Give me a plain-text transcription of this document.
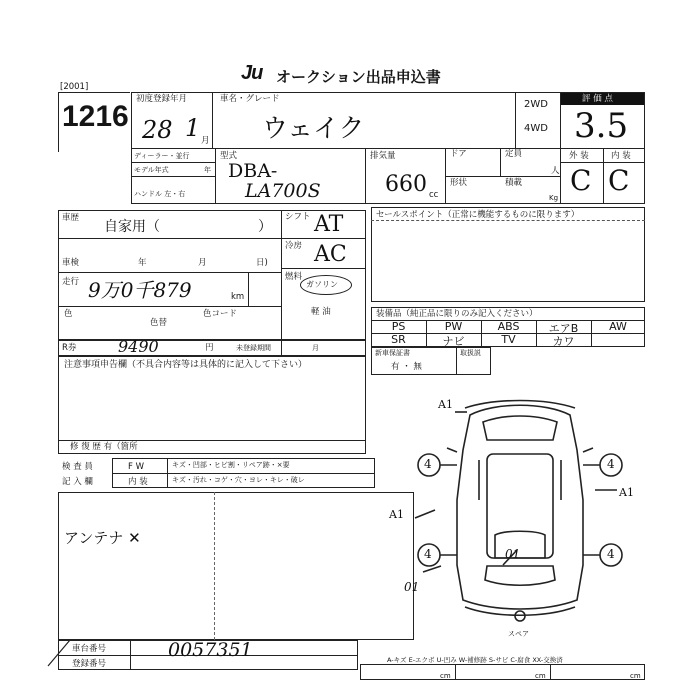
Ju オークション出品申込書
[2001]
1216
初度登録年月
28 1 月
車名・グレード
ウェイク
2WD
4WD
評 価 点
3.5
外 装	内 装
C C
ディーラー・並行
モデル年式	年
ハンドル 左・右
型式
DBA-
LA700S
排気量
660 cc
ドア	定員
人
形状	積載
Kg
車歴
自家用（	）
車検	年	月	日)
走行 9万0千879	km
色
色替
色コード
シフト AT
冷房 AC
燃料
ガソリン
軽 油
R券	9490	円	未登録期間	月
注意事項申告欄（不具合内容等は具体的に記入して下さい）
修 復 歴 有（箇所
セールスポイント（正常に機能するものに限ります）
装備品（純正品に限りのみ記入ください）
PS	PW	ABS	エアB	AW
SR	ナビ	TV	カワ
新車保証書
有 ・ 無
取扱説
検 査 員	F W	キズ・凹部・ヒビ割・リペア跡・×要
記 入 欄	内 装	キズ・汚れ・コゲ・穴・ヨレ・キレ・破レ
アンテナ ✕
A1
A1
A1
01
4	4
4	4
01
スペア
車台番号	0057351
登録番号	A-キズ E-エクボ U-凹み W-補修跡 S-サビ C-腐食 XX-交換済
cm	cm	cm
